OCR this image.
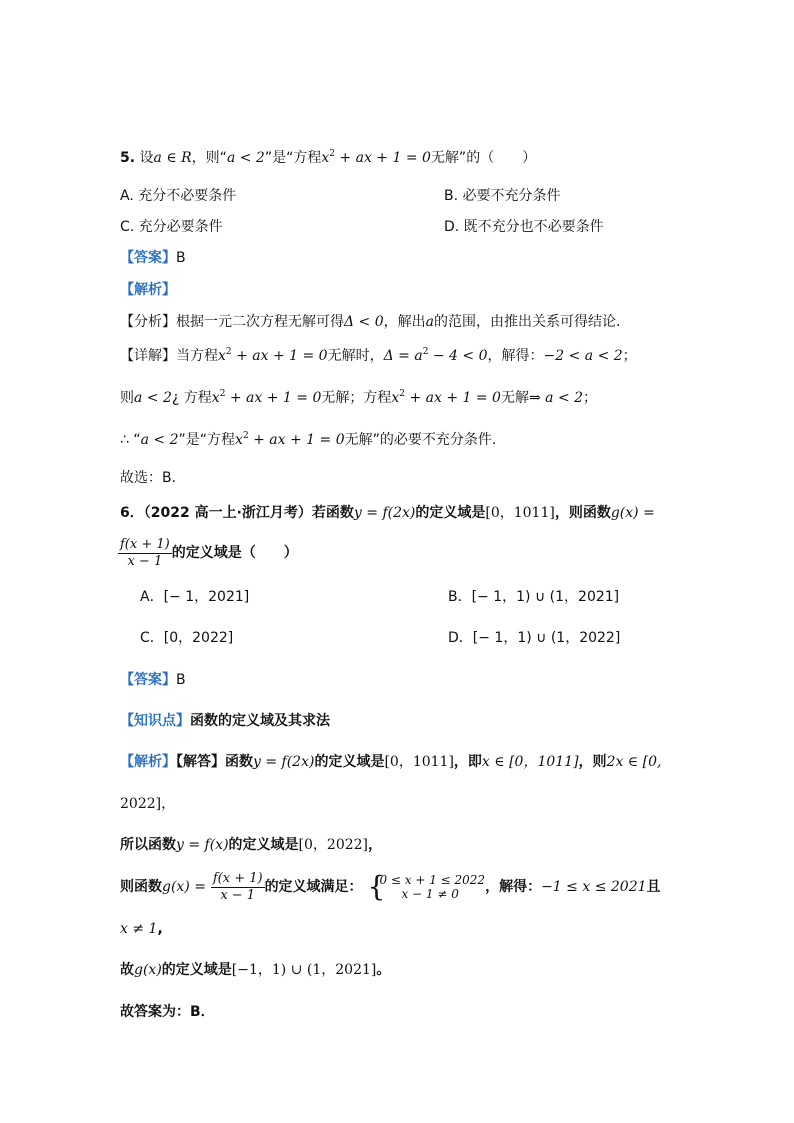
5. 设a ∈ R，则“a < 2”是“方程$x^2$ + ax + 1 = 0无解”的（　　）
A. 充分不必要条件	B. 必要不充分条件
C. 充分必要条件	D. 既不充分也不必要条件
【答案】B
【解析】
【分析】根据一元二次方程无解可得Δ < 0，解出a的范围，由推出关系可得结论.
【详解】当方程$x^2$ + ax + 1 = 0无解时，$\Delta = a^2 - 4 < 0$，解得：−2 < a < 2；
则a < 2¿ 方程$x^2$ + ax + 1 = 0无解；方程$x^2$ + ax + 1 = 0无解⇒ a < 2；
∴ “a < 2”是“方程$x^2$ + ax + 1 = 0无解”的必要不充分条件.
故选：B.
6．（2022 高一上·浙江月考）若函数y = f(2x)的定义域是[0，1011]，则函数g(x) =
$\frac{f(x + 1)}{x - 1}$ 的定义域是（　　）
A．[− 1，2021]	B．[− 1，1) ∪ (1，2021]
C．[0，2022]	D．[− 1，1) ∪ (1，2022]
【答案】B
【知识点】函数的定义域及其求法
【解析】【解答】函数y = f(2x)的定义域是[0，1011]，即x ∈ [0，1011]，则2x ∈ [0,
2022]，
所以函数y = f(x)的定义域是[0，2022]，
则函数$g(x) = \frac{f(x + 1)}{x - 1}$ 的定义域满足： {
0 ≤ x + 1 ≤ 2022
x − 1 ≠ 0	，解得：−1 ≤ x ≤ 2021且
x ≠ 1,
故g(x)的定义域是[−1，1) ∪ (1，2021]。
故答案为：B．
